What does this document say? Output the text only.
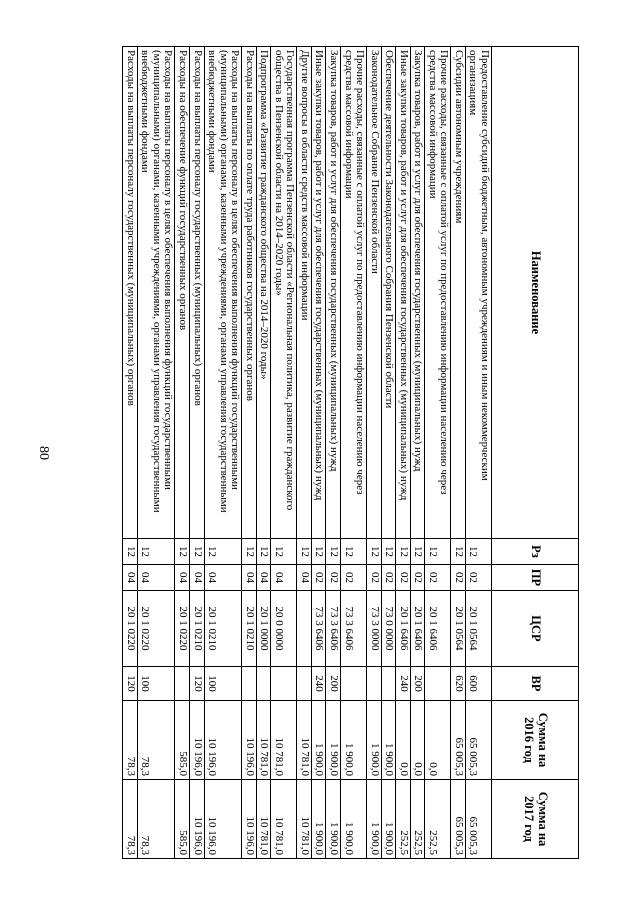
80
Наименование	Рз	ПР	ЦСР	ВР	Сумма на 2016 год	Сумма на 2017 год
Предоставление субсидий бюджетным, автономным учреждениям и иным некоммерческим организациям	12	02	20 1 0564	600	65 005,3	65 005,3
Субсидии автономным учреждениям	12	02	20 1 0564	620	65 005,3	65 005,3
Прочие расходы, связанные с оплатой услуг по предоставлению информации населению через средства массовой информации	12	02	20 1 6406		0,0	252,5
Закупка товаров, работ и услуг для обеспечения государственных (муниципальных) нужд	12	02	20 1 6406	200	0,0	252,5
Иные закупки товаров, работ и услуг для обеспечения государственных (муниципальных) нужд	12	02	20 1 6406	240	0,0	252,5
Обеспечение деятельности Законодательного Собрания Пензенской области	12	02	73 0 0000		1 900,0	1 900,0
Законодательное Собрание Пензенской области	12	02	73 3 0000		1 900,0	1 900,0
Прочие расходы, связанные с оплатой услуг по предоставлению информации населению через средства массовой информации	12	02	73 3 6406		1 900,0	1 900,0
Закупка товаров, работ и услуг для обеспечения государственных (муниципальных) нужд	12	02	73 3 6406	200	1 900,0	1 900,0
Иные закупки товаров, работ и услуг для обеспечения государственных (муниципальных) нужд	12	02	73 3 6406	240	1 900,0	1 900,0
Другие вопросы в области средств массовой информации	12	04			10 781,0	10 781,0
Государственная программа Пензенской области «Региональная политика, развитие гражданского общества в Пензенской области на 2014–2020 годы»	12	04	20 0 0000		10 781,0	10 781,0
Подпрограмма «Развитие гражданского общества на 2014–2020 годы»	12	04	20 1 0000		10 781,0	10 781,0
Расходы на выплаты по оплате труда работников государственных органов	12	04	20 1 0210		10 196,0	10 196,0
Расходы на выплаты персоналу в целях обеспечения выполнения функций государственными (муниципальными) органами, казенными учреждениями, органами управления государственными внебюджетными фондами	12	04	20 1 0210	100	10 196,0	10 196,0
Расходы на выплаты персоналу государственных (муниципальных) органов	12	04	20 1 0210	120	10 196,0	10 196,0
Расходы на обеспечение функций государственных органов	12	04	20 1 0220		585,0	585,0
Расходы на выплаты персоналу в целях обеспечения выполнения функций государственными (муниципальными) органами, казенными учреждениями, органами управления государственными внебюджетными фондами	12	04	20 1 0220	100	78,3	78,3
Расходы на выплаты персоналу государственных (муниципальных) органов	12	04	20 1 0220	120	78,3	78,3
